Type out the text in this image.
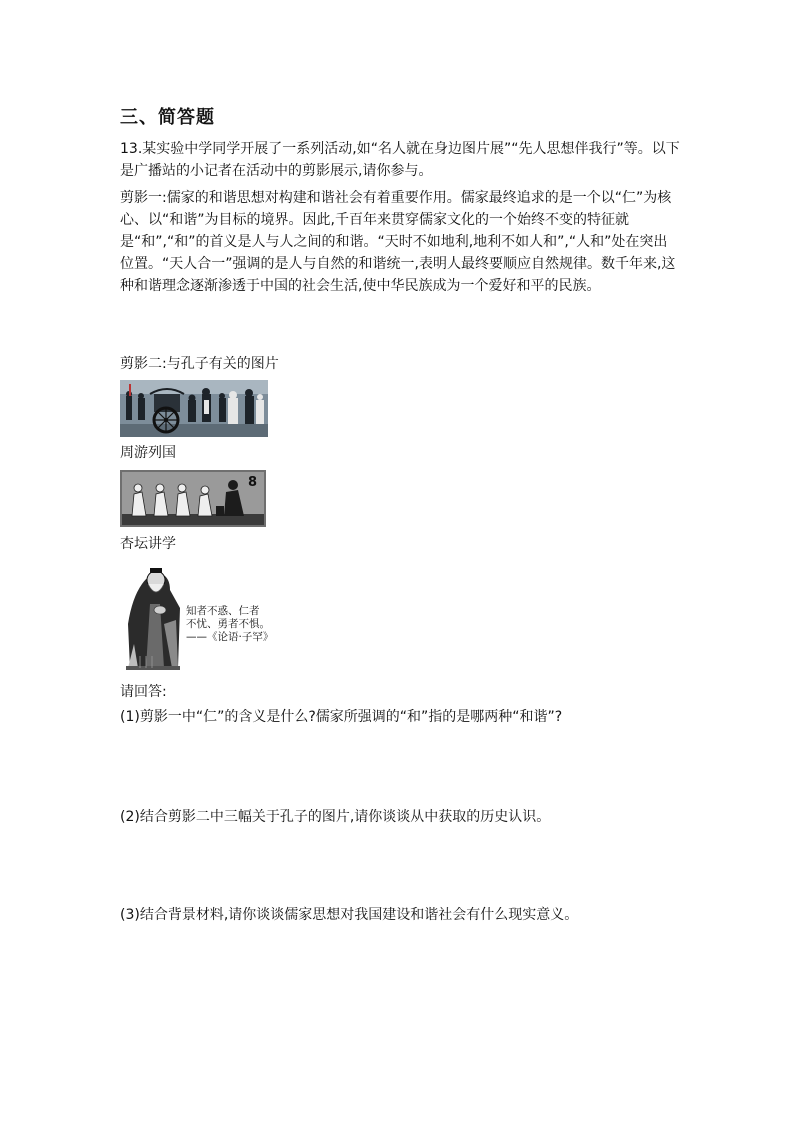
三、简答题
13.某实验中学同学开展了一系列活动,如“名人就在身边图片展”“先人思想伴我行”等。以下是广播站的小记者在活动中的剪影展示,请你参与。
剪影一:儒家的和谐思想对构建和谐社会有着重要作用。儒家最终追求的是一个以“仁”为核心、以“和谐”为目标的境界。因此,千百年来贯穿儒家文化的一个始终不变的特征就是“和”,“和”的首义是人与人之间的和谐。“天时不如地利,地利不如人和”,“人和”处在突出位置。“天人合一”强调的是人与自然的和谐统一,表明人最终要顺应自然规律。数千年来,这种和谐理念逐渐渗透于中国的社会生活,使中华民族成为一个爱好和平的民族。
剪影二:与孔子有关的图片
周游列国
8
杏坛讲学
知者不惑、仁者
不忧、勇者不惧。
——《论语·子罕》
请回答:
(1)剪影一中“仁”的含义是什么?儒家所强调的“和”指的是哪两种“和谐”?
(2)结合剪影二中三幅关于孔子的图片,请你谈谈从中获取的历史认识。
(3)结合背景材料,请你谈谈儒家思想对我国建设和谐社会有什么现实意义。
